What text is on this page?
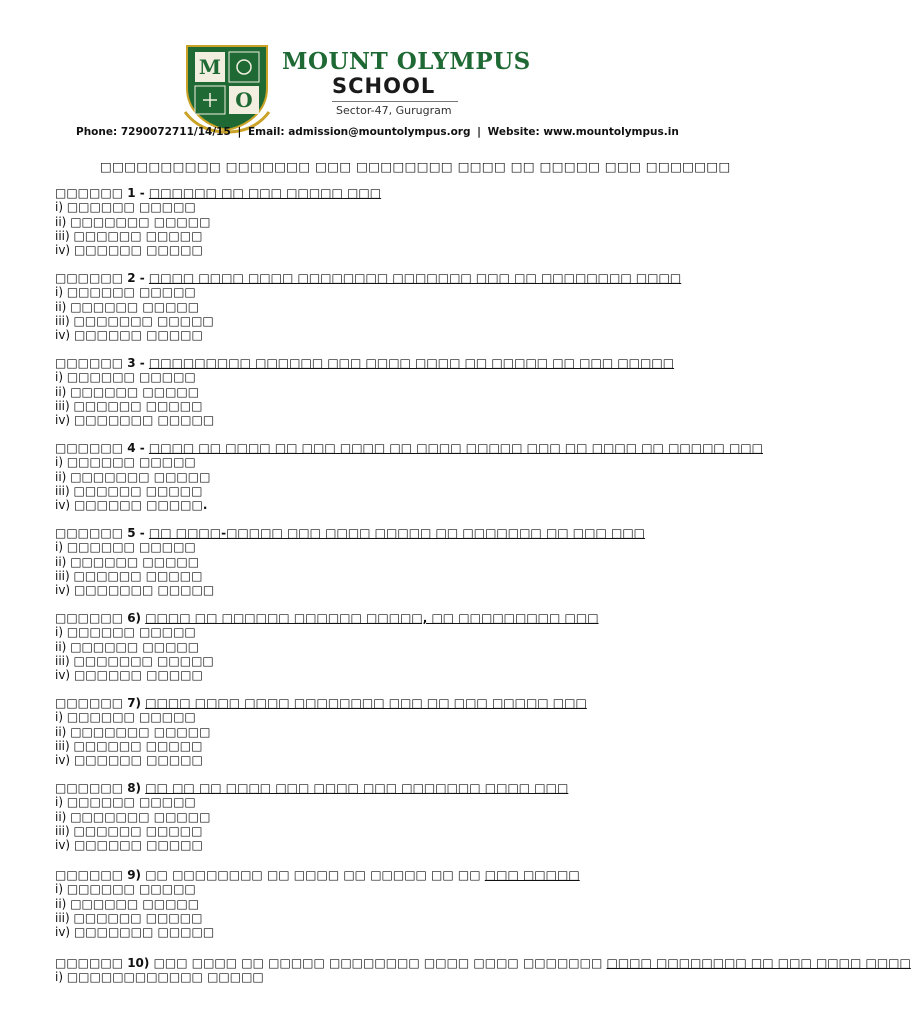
M
O
MOUNT OLYMPUS
SCHOOL
Sector-47, Gurugram
Phone: 7290072711/14/15 | Email: admission@mountolympus.org | Website: www.mountolympus.in
□□□□□□□□□□ □□□□□□□ □□□ □□□□□□□□ □□□□ □□ □□□□□ □□□ □□□□□□□
□□□□□□ 1 - □□□□□□ □□ □□□ □□□□□ □□□
i) □□□□□□ □□□□□
ii) □□□□□□□ □□□□□
iii) □□□□□□ □□□□□
iv) □□□□□□ □□□□□
□□□□□□ 2 - □□□□ □□□□ □□□□ □□□□□□□□ □□□□□□□ □□□ □□ □□□□□□□□ □□□□
i) □□□□□□ □□□□□
ii) □□□□□□ □□□□□
iii) □□□□□□□ □□□□□
iv) □□□□□□ □□□□□
□□□□□□ 3 - □□□□□□□□□ □□□□□□ □□□ □□□□ □□□□ □□ □□□□□ □□ □□□ □□□□□
i) □□□□□□ □□□□□
ii) □□□□□□ □□□□□
iii) □□□□□□ □□□□□
iv) □□□□□□□ □□□□□
□□□□□□ 4 - □□□□ □□ □□□□ □□ □□□ □□□□ □□ □□□□ □□□□□ □□□ □□ □□□□ □□ □□□□□ □□□
i) □□□□□□ □□□□□
ii) □□□□□□□ □□□□□
iii) □□□□□□ □□□□□
iv) □□□□□□ □□□□□.
□□□□□□ 5 - □□ □□□□-□□□□□ □□□ □□□□ □□□□□ □□ □□□□□□□ □□ □□□ □□□
i) □□□□□□ □□□□□
ii) □□□□□□ □□□□□
iii) □□□□□□ □□□□□
iv) □□□□□□□ □□□□□
□□□□□□ 6) □□□□ □□ □□□□□□ □□□□□□ □□□□□, □□ □□□□□□□□□ □□□
i) □□□□□□ □□□□□
ii) □□□□□□ □□□□□
iii) □□□□□□□ □□□□□
iv) □□□□□□ □□□□□
□□□□□□ 7) □□□□ □□□□ □□□□ □□□□□□□□ □□□ □□ □□□ □□□□□ □□□
i) □□□□□□ □□□□□
ii) □□□□□□□ □□□□□
iii) □□□□□□ □□□□□
iv) □□□□□□ □□□□□
□□□□□□ 8) □□ □□ □□ □□□□ □□□ □□□□ □□□ □□□□□□□ □□□□ □□□
i) □□□□□□ □□□□□
ii) □□□□□□□ □□□□□
iii) □□□□□□ □□□□□
iv) □□□□□□ □□□□□
□□□□□□ 9) □□ □□□□□□□□ □□ □□□□ □□ □□□□□ □□ □□ □□□ □□□□□
i) □□□□□□ □□□□□
ii) □□□□□□ □□□□□
iii) □□□□□□ □□□□□
iv) □□□□□□□ □□□□□
□□□□□□ 10) □□□ □□□□ □□ □□□□□ □□□□□□□□ □□□□ □□□□ □□□□□□□ □□□□ □□□□□□□□ □□ □□□ □□□□ □□□□
i) □□□□□□□□□□□□ □□□□□
